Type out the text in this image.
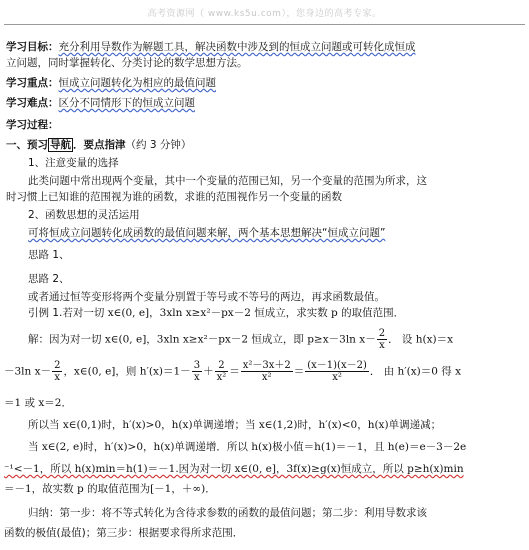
高考资源网（ www.ks5u.com），您身边的高考专家。
学习目标：充分利用导数作为解题工具，解决函数中涉及到的恒成立问题或可转化成恒成
立问题，同时掌握转化、分类讨论的数学思想方法。
学习重点：恒成立问题转化为相应的最值问题
学习难点：区分不同情形下的恒成立问题
学习过程：
一、预习 导航 ．要点指津（约 3 分钟）
1、注意变量的选择
此类问题中常出现两个变量，其中一个变量的范围已知，另一个变量的范围为所求，这
时习惯上已知谁的范围视为谁的函数，求谁的范围视作另一个变量的函数
2、函数思想的灵活运用
可将恒成立问题转化成函数的最值问题来解，两个基本思想解决“恒成立问题”
思路 1、
思路 2、
或者通过恒等变形将两个变量分别置于等号或不等号的两边，再求函数最值。
引例 1.若对一切 x∈(0, e]，3xln x≥x²－px－2 恒成立，求实数 p 的取值范围．
解：因为对一切 x∈(0, e]，3xln x≥x²－px－2 恒成立，即 p≥x－3ln $x- \frac{2}{x}$ ． 设 h(x)＝x
－3ln $x- \frac{2}{x}$ ，x∈(0, e]，则 $h'(x)=1- \frac{3}{x} + \frac{2}{\text{x²}} = \frac{\text{x²－3x＋2}}{\text{x²}} = \frac{(x-1)(x-2)}{\text{x²}}$ ． 由 h′(x)＝0 得 x
＝1 或 x＝2．
所以当 x∈(0,1)时，h′(x)>0，h(x)单调递增；当 x∈(1,2)时，h′(x)<0，h(x)单调递减；
当 x∈(2, e)时，h′(x)>0，h(x)单调递增．所以 h(x)极小值＝h(1)＝－1，且 h(e)＝e－3－2e
⁻¹<－1，所以 h(x)min＝h(1)＝－1.因为对一切 x∈(0, e]，3f(x)≥g(x)恒成立，所以 p≥h(x)min
＝－1，故实数 p 的取值范围为[－1，＋∞)．
归纳：第一步：将不等式转化为含待求参数的函数的最值问题；第二步：利用导数求该
函数的极值(最值)；第三步：根据要求得所求范围．
